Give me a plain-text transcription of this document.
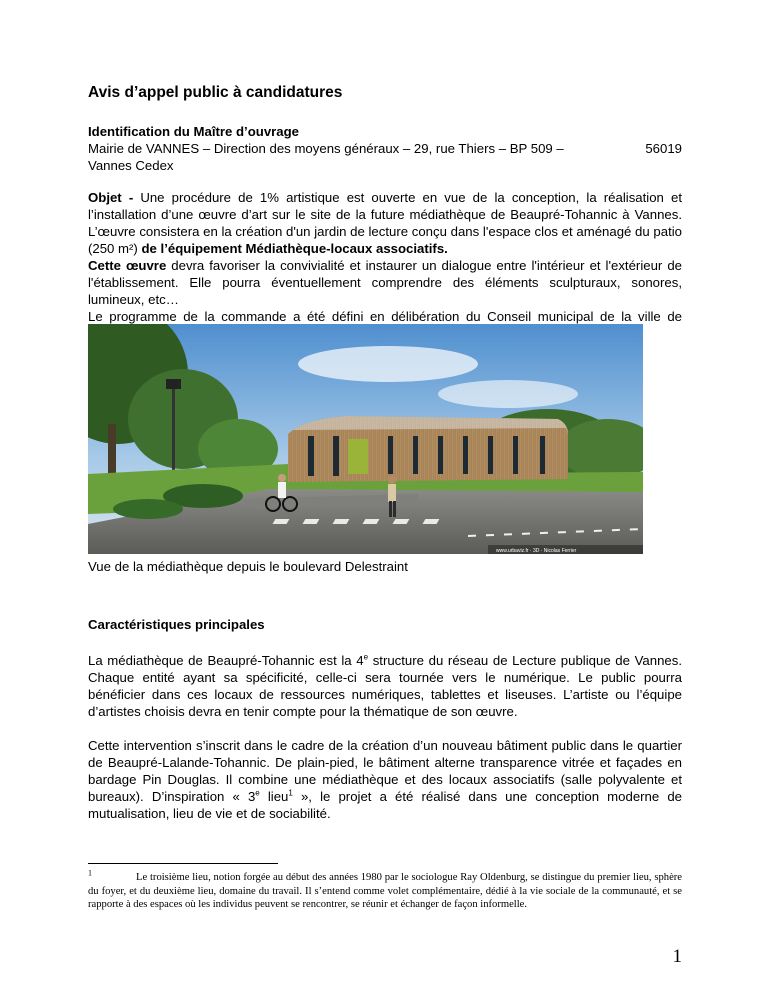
Avis d’appel public à candidatures
Identification du Maître d’ouvrage
Mairie de VANNES – Direction des moyens généraux – 29, rue Thiers – BP 509 –	56019
Vannes Cedex

Objet - Une procédure de 1% artistique est ouverte en vue de la conception, la réalisation et l’installation d’une œuvre d’art sur le site de la future médiathèque de Beaupré-Tohannic à Vannes. L’œuvre consistera en la création d'un jardin de lecture conçu dans l'espace clos et aménagé du patio (250 m²) de l’équipement Médiathèque-locaux associatifs.
Cette œuvre devra favoriser la convivialité et instaurer un dialogue entre l'intérieur et l'extérieur de l'établissement. Elle pourra éventuellement comprendre des éléments sculpturaux, sonores, lumineux, etc…

Le programme de la commande a été défini en délibération du Conseil municipal de la ville de

www.urbaviz.fr · 3D · Nicolas Ferrier
Vue de la médiathèque depuis le boulevard Delestraint
Caractéristiques principales

La médiathèque de Beaupré-Tohannic est la 4e structure du réseau de Lecture publique de Vannes. Chaque entité ayant sa spécificité, celle-ci sera tournée vers le numérique. Le public pourra bénéficier dans ces locaux de ressources numériques, tablettes et liseuses. L’artiste ou l’équipe d’artistes choisis devra en tenir compte pour la thématique de son œuvre.

Cette intervention s’inscrit dans le cadre de la création d’un nouveau bâtiment public dans le quartier de Beaupré-Lalande-Tohannic. De plain-pied, le bâtiment alterne transparence vitrée et façades en bardage Pin Douglas. Il combine une médiathèque et des locaux associatifs (salle polyvalente et bureaux). D’inspiration « 3e lieu$^1$ », le projet a été réalisé dans une conception moderne de mutualisation, lieu de vie et de sociabilité.

$^1$	Le troisième lieu, notion forgée au début des années 1980 par le sociologue Ray Oldenburg, se distingue du premier lieu, sphère du foyer, et du deuxième lieu, domaine du travail. Il s’entend comme volet complémentaire, dédié à la vie sociale de la communauté, et se rapporte à des espaces où les individus peuvent se rencontrer, se réunir et échanger de façon informelle.
1
